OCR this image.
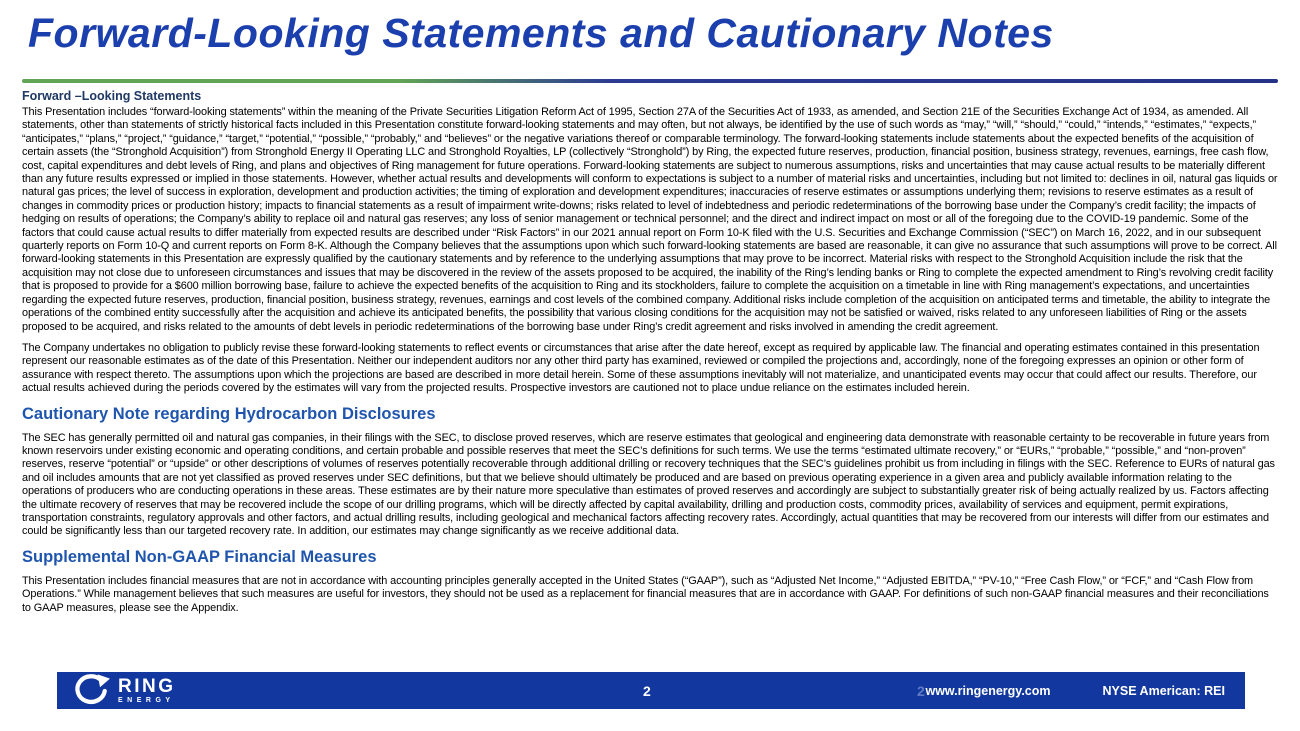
Forward-Looking Statements and Cautionary Notes
Forward –Looking Statements
This Presentation includes “forward-looking statements” within the meaning of the Private Securities Litigation Reform Act of 1995, Section 27A of the Securities Act of 1933, as amended, and Section 21E of the Securities Exchange Act of 1934, as amended. All statements, other than statements of strictly historical facts included in this Presentation constitute forward-looking statements and may often, but not always, be identified by the use of such words as “may,” “will,” “should,” “could,” “intends,” “estimates,” “expects,” “anticipates,” “plans,” “project,” “guidance,” “target,” “potential,” “possible,” “probably,” and “believes” or the negative variations thereof or comparable terminology. The forward-looking statements include statements about the expected benefits of the acquisition of certain assets (the “Stronghold Acquisition”) from Stronghold Energy II Operating LLC and Stronghold Royalties, LP (collectively “Stronghold”) by Ring, the expected future reserves, production, financial position, business strategy, revenues, earnings, free cash flow, cost, capital expenditures and debt levels of Ring, and plans and objectives of Ring management for future operations. Forward-looking statements are subject to numerous assumptions, risks and uncertainties that may cause actual results to be materially different than any future results expressed or implied in those statements. However, whether actual results and developments will conform to expectations is subject to a number of material risks and uncertainties, including but not limited to: declines in oil, natural gas liquids or natural gas prices; the level of success in exploration, development and production activities; the timing of exploration and development expenditures; inaccuracies of reserve estimates or assumptions underlying them; revisions to reserve estimates as a result of changes in commodity prices or production history; impacts to financial statements as a result of impairment write-downs; risks related to level of indebtedness and periodic redeterminations of the borrowing base under the Company’s credit facility; the impacts of hedging on results of operations; the Company’s ability to replace oil and natural gas reserves; any loss of senior management or technical personnel; and the direct and indirect impact on most or all of the foregoing due to the COVID-19 pandemic. Some of the factors that could cause actual results to differ materially from expected results are described under “Risk Factors” in our 2021 annual report on Form 10-K filed with the U.S. Securities and Exchange Commission (“SEC”) on March 16, 2022, and in our subsequent quarterly reports on Form 10-Q and current reports on Form 8-K. Although the Company believes that the assumptions upon which such forward-looking statements are based are reasonable, it can give no assurance that such assumptions will prove to be correct. All forward-looking statements in this Presentation are expressly qualified by the cautionary statements and by reference to the underlying assumptions that may prove to be incorrect. Material risks with respect to the Stronghold Acquisition include the risk that the acquisition may not close due to unforeseen circumstances and issues that may be discovered in the review of the assets proposed to be acquired, the inability of the Ring’s lending banks or Ring to complete the expected amendment to Ring’s revolving credit facility that is proposed to provide for a $600 million borrowing base, failure to achieve the expected benefits of the acquisition to Ring and its stockholders, failure to complete the acquisition on a timetable in line with Ring management’s expectations, and uncertainties regarding the expected future reserves, production, financial position, business strategy, revenues, earnings and cost levels of the combined company. Additional risks include completion of the acquisition on anticipated terms and timetable, the ability to integrate the operations of the combined entity successfully after the acquisition and achieve its anticipated benefits, the possibility that various closing conditions for the acquisition may not be satisfied or waived, risks related to any unforeseen liabilities of Ring or the assets proposed to be acquired, and risks related to the amounts of debt levels in periodic redeterminations of the borrowing base under Ring’s credit agreement and risks involved in amending the credit agreement.
The Company undertakes no obligation to publicly revise these forward-looking statements to reflect events or circumstances that arise after the date hereof, except as required by applicable law. The financial and operating estimates contained in this presentation represent our reasonable estimates as of the date of this Presentation. Neither our independent auditors nor any other third party has examined, reviewed or compiled the projections and, accordingly, none of the foregoing expresses an opinion or other form of assurance with respect thereto. The assumptions upon which the projections are based are described in more detail herein. Some of these assumptions inevitably will not materialize, and unanticipated events may occur that could affect our results. Therefore, our actual results achieved during the periods covered by the estimates will vary from the projected results. Prospective investors are cautioned not to place undue reliance on the estimates included herein.
Cautionary Note regarding Hydrocarbon Disclosures
The SEC has generally permitted oil and natural gas companies, in their filings with the SEC, to disclose proved reserves, which are reserve estimates that geological and engineering data demonstrate with reasonable certainty to be recoverable in future years from known reservoirs under existing economic and operating conditions, and certain probable and possible reserves that meet the SEC’s definitions for such terms. We use the terms “estimated ultimate recovery,” or “EURs,” “probable,” “possible,” and “non-proven” reserves, reserve “potential” or “upside” or other descriptions of volumes of reserves potentially recoverable through additional drilling or recovery techniques that the SEC’s guidelines prohibit us from including in filings with the SEC. Reference to EURs of natural gas and oil includes amounts that are not yet classified as proved reserves under SEC definitions, but that we believe should ultimately be produced and are based on previous operating experience in a given area and publicly available information relating to the operations of producers who are conducting operations in these areas. These estimates are by their nature more speculative than estimates of proved reserves and accordingly are subject to substantially greater risk of being actually realized by us. Factors affecting the ultimate recovery of reserves that may be recovered include the scope of our drilling programs, which will be directly affected by capital availability, drilling and production costs, commodity prices, availability of services and equipment, permit expirations, transportation constraints, regulatory approvals and other factors, and actual drilling results, including geological and mechanical factors affecting recovery rates. Accordingly, actual quantities that may be recovered from our interests will differ from our estimates and could be significantly less than our targeted recovery rate. In addition, our estimates may change significantly as we receive additional data.
Supplemental Non-GAAP Financial Measures
This Presentation includes financial measures that are not in accordance with accounting principles generally accepted in the United States (“GAAP”), such as “Adjusted Net Income,” “Adjusted EBITDA,” “PV-10,” “Free Cash Flow,” or “FCF,” and “Cash Flow from Operations.” While management believes that such measures are useful for investors, they should not be used as a replacement for financial measures that are in accordance with GAAP. For definitions of such non-GAAP financial measures and their reconciliations to GAAP measures, please see the Appendix.
RING
ENERGY
2	2 www.ringenergy.com	NYSE American: REI
